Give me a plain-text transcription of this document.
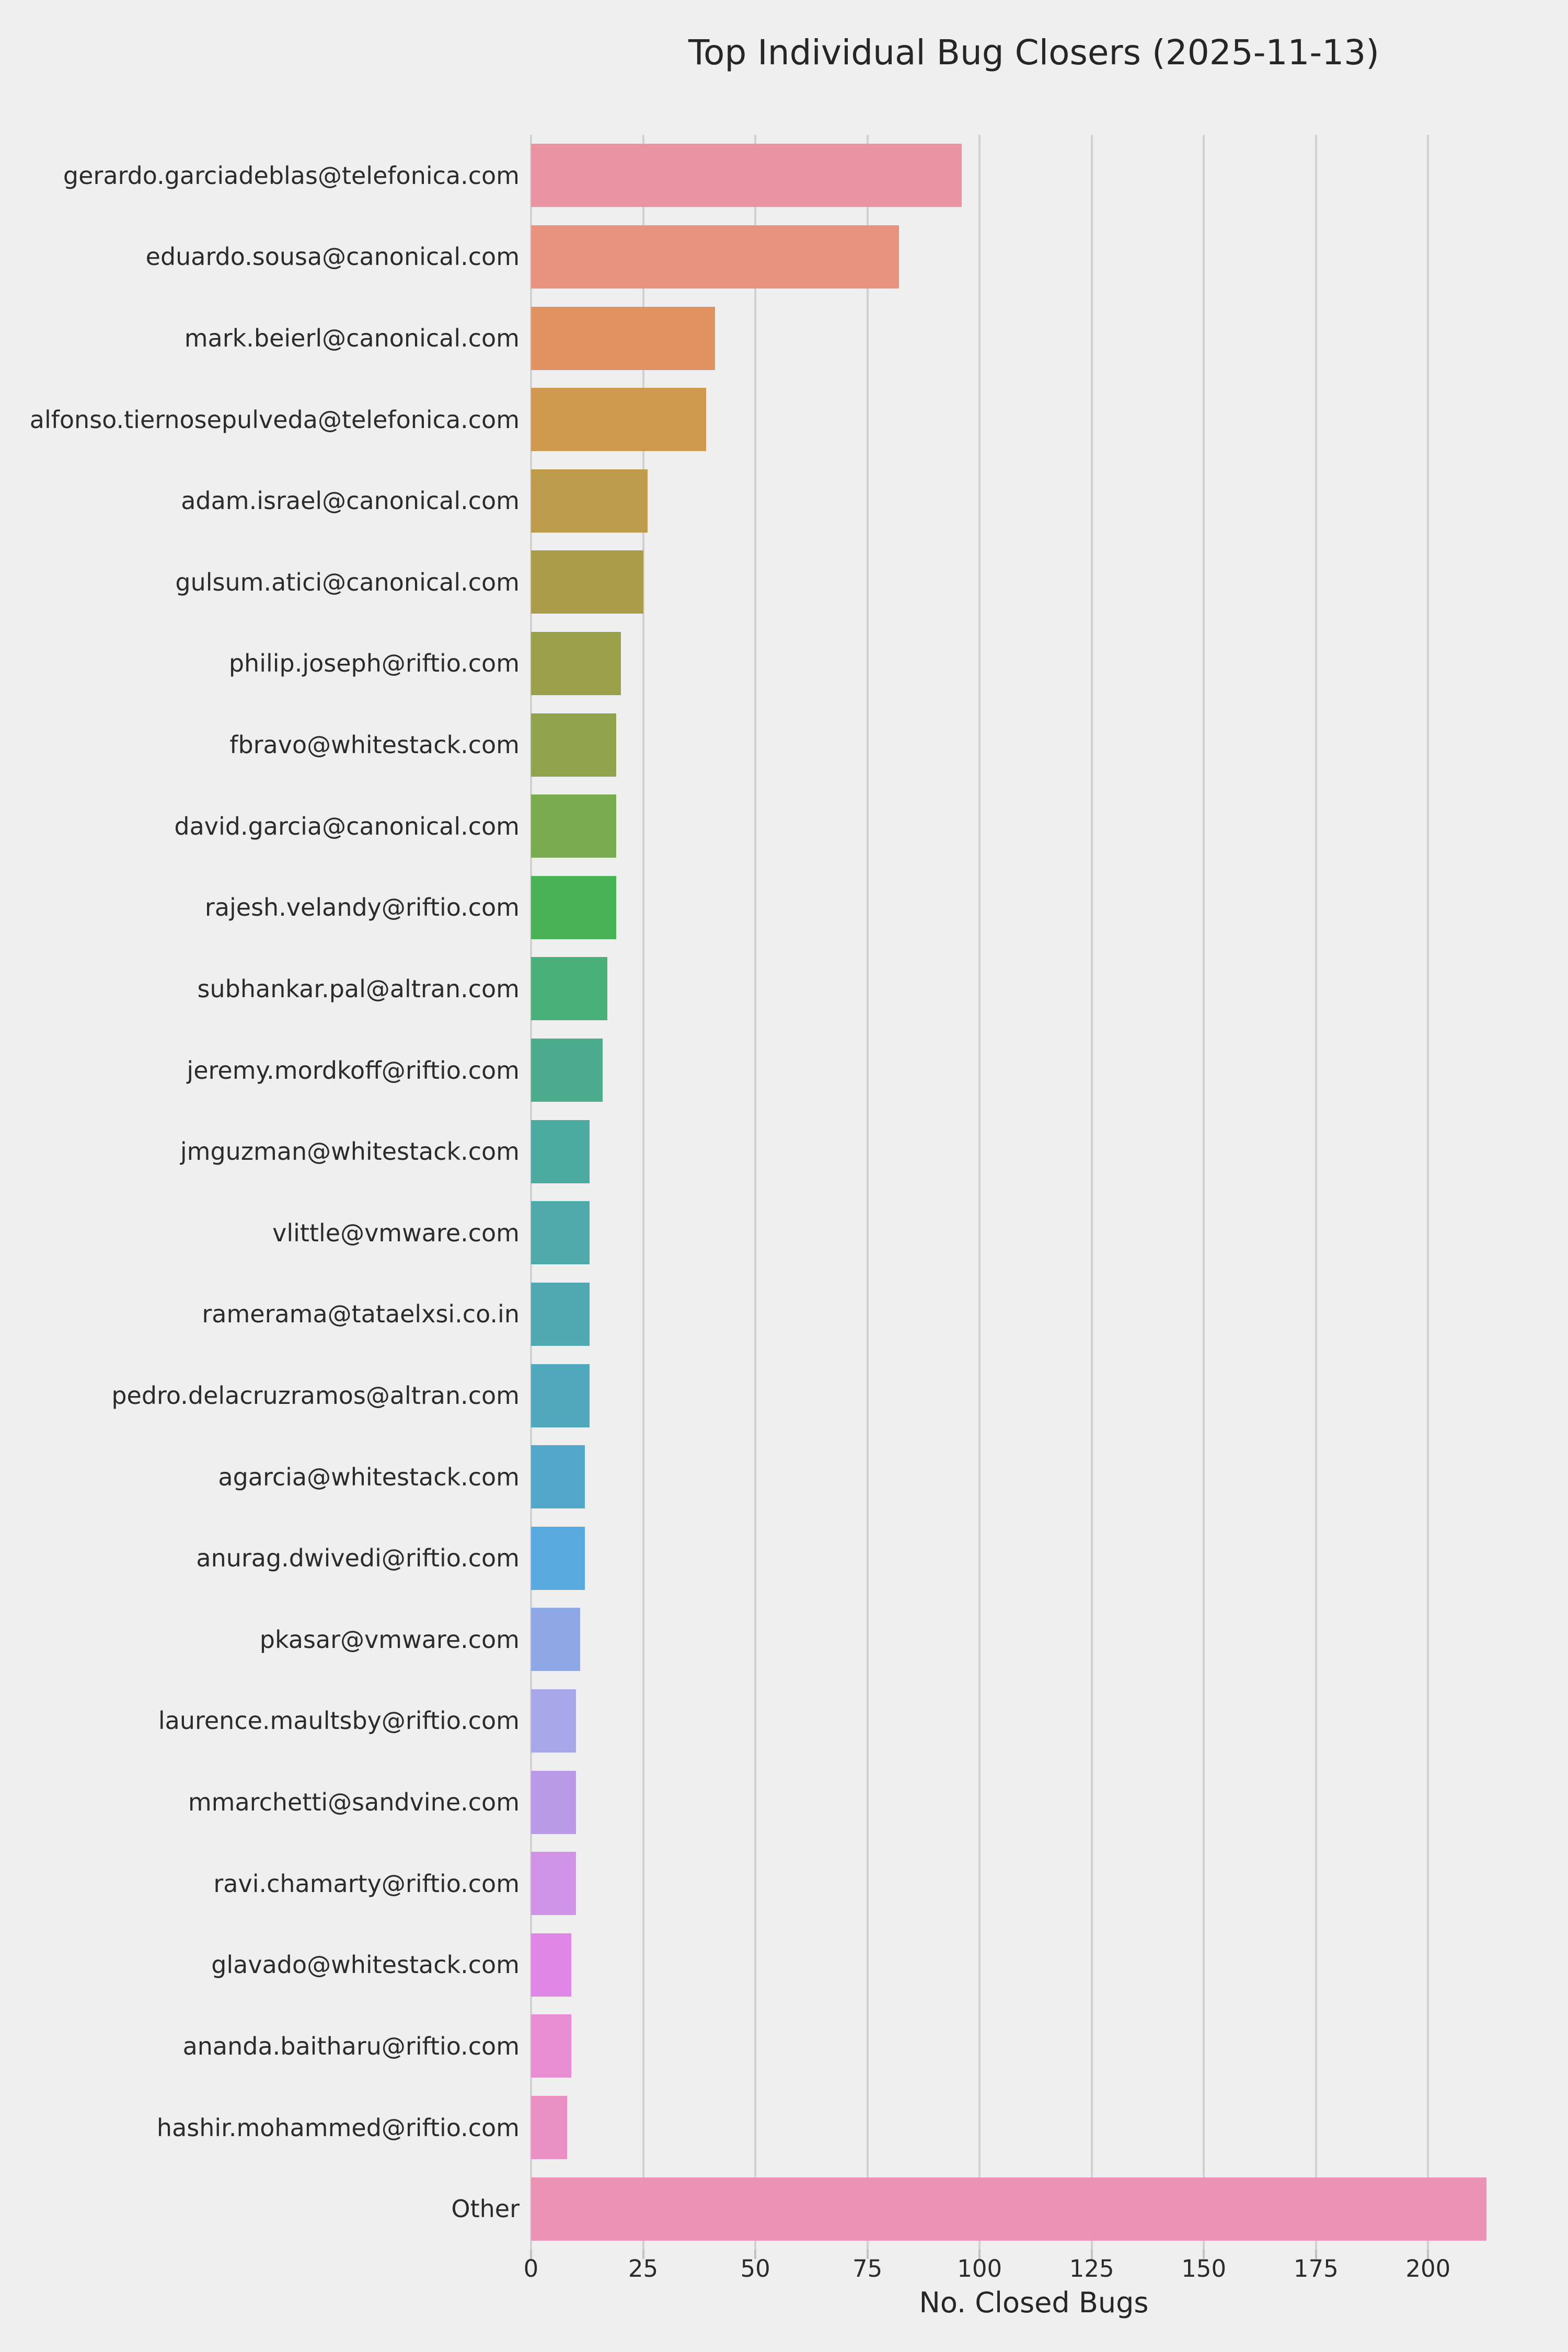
Top Individual Bug Closers (2025-11-13)
gerardo.garciadeblas@telefonica.com
eduardo.sousa@canonical.com
mark.beierl@canonical.com
alfonso.tiernosepulveda@telefonica.com
adam.israel@canonical.com
gulsum.atici@canonical.com
philip.joseph@riftio.com
fbravo@whitestack.com
david.garcia@canonical.com
rajesh.velandy@riftio.com
subhankar.pal@altran.com
jeremy.mordkoff@riftio.com
jmguzman@whitestack.com
vlittle@vmware.com
ramerama@tataelxsi.co.in
pedro.delacruzramos@altran.com
agarcia@whitestack.com
anurag.dwivedi@riftio.com
pkasar@vmware.com
laurence.maultsby@riftio.com
mmarchetti@sandvine.com
ravi.chamarty@riftio.com
glavado@whitestack.com
ananda.baitharu@riftio.com
hashir.mohammed@riftio.com
Other
No. Closed Bugs
0	25	50	75	100	125	150	175	200
